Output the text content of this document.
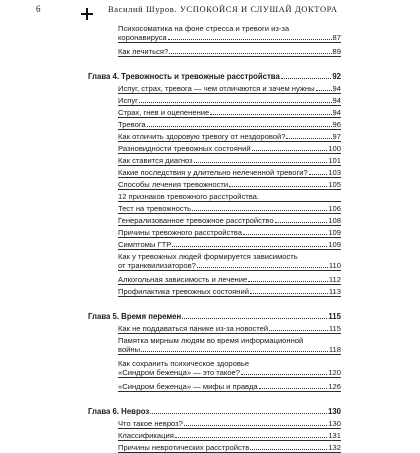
6	Василий Шуров. УСПОКОЙСЯ И СЛУШАЙ ДОКТОРА
Психосоматика на фоне стресса и тревоги из-за
коронавируса	87
Как лечиться?	89
Глава 4. Тревожность и тревожные расстройства	92
Испуг, страх, тревога — чем отличаются и зачем нужны 94
Испуг	94
Страх, гнев и оцепенение	94
Тревога	96
Как отличить здоровую тревогу от нездоровой?	97
Разновидности тревожных состояний	100
Как ставится диагноз	101
Какие последствия у длительно нелеченной тревоги?	103
Способы лечения тревожности	105
12 признаков тревожного расстройства.
Тест на тревожность	106
Генерализованное тревожное расстройство	108
Причины тревожного расстройства	109
Симптомы ГТР	109
Как у тревожных людей формируется зависимость
от транквилизаторов?	110
Алкогольная зависимость и лечение	112
Профилактика тревожных состояний	113
Глава 5. Время перемен	115
Как не поддаваться панике из-за новостей	115
Памятка мирным людям во время информационной
войны	118
Как сохранить психическое здоровье
«Синдром беженца» — это такое?	120
«Синдром беженца» — мифы и правда	126
Глава 6. Невроз	130
Что такое невроз?	130
Классификация	131
Причины невротических расстройств	132
